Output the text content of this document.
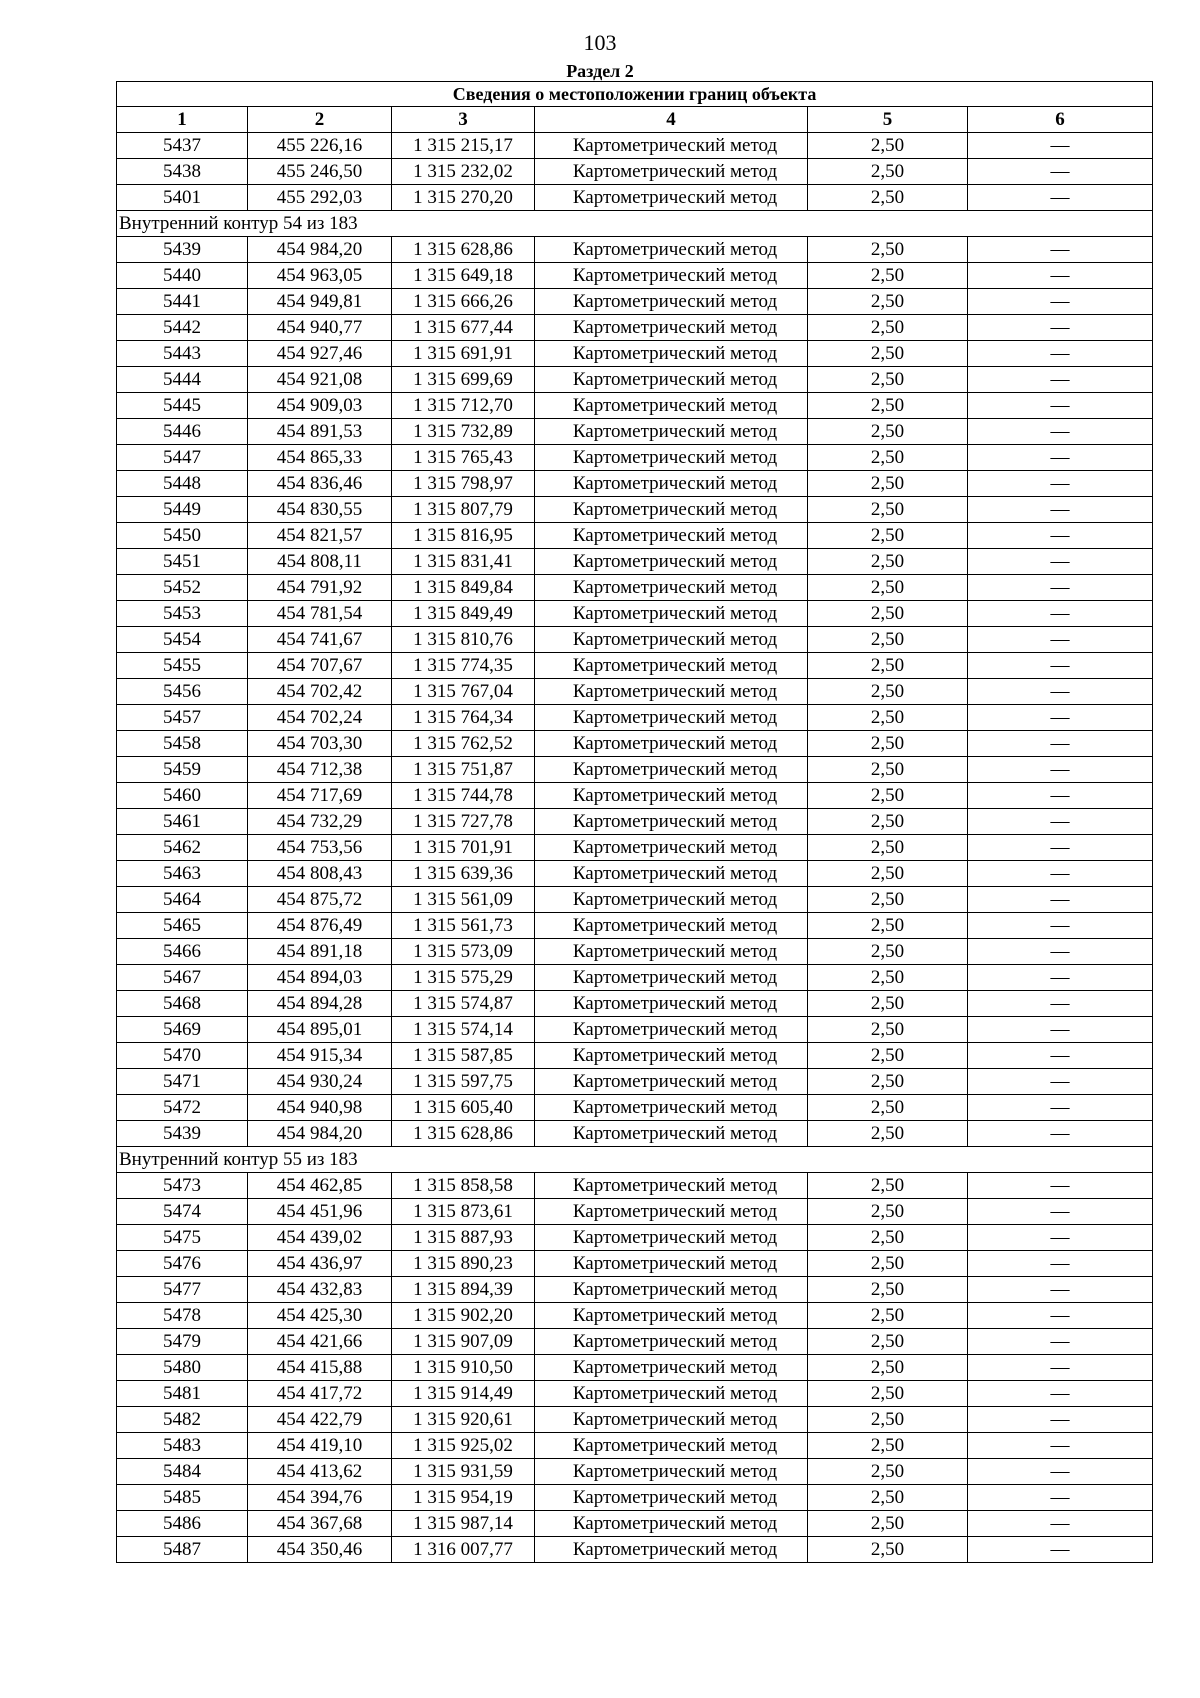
103
Раздел 2
Сведения о местоположении границ объекта					
1	2	3	4	5	6
5437	455 226,16	1 315 215,17	Картометрический метод	2,50	—
5438	455 246,50	1 315 232,02	Картометрический метод	2,50	—
5401	455 292,03	1 315 270,20	Картометрический метод	2,50	—
Внутренний контур 54 из 183					
5439	454 984,20	1 315 628,86	Картометрический метод	2,50	—
5440	454 963,05	1 315 649,18	Картометрический метод	2,50	—
5441	454 949,81	1 315 666,26	Картометрический метод	2,50	—
5442	454 940,77	1 315 677,44	Картометрический метод	2,50	—
5443	454 927,46	1 315 691,91	Картометрический метод	2,50	—
5444	454 921,08	1 315 699,69	Картометрический метод	2,50	—
5445	454 909,03	1 315 712,70	Картометрический метод	2,50	—
5446	454 891,53	1 315 732,89	Картометрический метод	2,50	—
5447	454 865,33	1 315 765,43	Картометрический метод	2,50	—
5448	454 836,46	1 315 798,97	Картометрический метод	2,50	—
5449	454 830,55	1 315 807,79	Картометрический метод	2,50	—
5450	454 821,57	1 315 816,95	Картометрический метод	2,50	—
5451	454 808,11	1 315 831,41	Картометрический метод	2,50	—
5452	454 791,92	1 315 849,84	Картометрический метод	2,50	—
5453	454 781,54	1 315 849,49	Картометрический метод	2,50	—
5454	454 741,67	1 315 810,76	Картометрический метод	2,50	—
5455	454 707,67	1 315 774,35	Картометрический метод	2,50	—
5456	454 702,42	1 315 767,04	Картометрический метод	2,50	—
5457	454 702,24	1 315 764,34	Картометрический метод	2,50	—
5458	454 703,30	1 315 762,52	Картометрический метод	2,50	—
5459	454 712,38	1 315 751,87	Картометрический метод	2,50	—
5460	454 717,69	1 315 744,78	Картометрический метод	2,50	—
5461	454 732,29	1 315 727,78	Картометрический метод	2,50	—
5462	454 753,56	1 315 701,91	Картометрический метод	2,50	—
5463	454 808,43	1 315 639,36	Картометрический метод	2,50	—
5464	454 875,72	1 315 561,09	Картометрический метод	2,50	—
5465	454 876,49	1 315 561,73	Картометрический метод	2,50	—
5466	454 891,18	1 315 573,09	Картометрический метод	2,50	—
5467	454 894,03	1 315 575,29	Картометрический метод	2,50	—
5468	454 894,28	1 315 574,87	Картометрический метод	2,50	—
5469	454 895,01	1 315 574,14	Картометрический метод	2,50	—
5470	454 915,34	1 315 587,85	Картометрический метод	2,50	—
5471	454 930,24	1 315 597,75	Картометрический метод	2,50	—
5472	454 940,98	1 315 605,40	Картометрический метод	2,50	—
5439	454 984,20	1 315 628,86	Картометрический метод	2,50	—
Внутренний контур 55 из 183					
5473	454 462,85	1 315 858,58	Картометрический метод	2,50	—
5474	454 451,96	1 315 873,61	Картометрический метод	2,50	—
5475	454 439,02	1 315 887,93	Картометрический метод	2,50	—
5476	454 436,97	1 315 890,23	Картометрический метод	2,50	—
5477	454 432,83	1 315 894,39	Картометрический метод	2,50	—
5478	454 425,30	1 315 902,20	Картометрический метод	2,50	—
5479	454 421,66	1 315 907,09	Картометрический метод	2,50	—
5480	454 415,88	1 315 910,50	Картометрический метод	2,50	—
5481	454 417,72	1 315 914,49	Картометрический метод	2,50	—
5482	454 422,79	1 315 920,61	Картометрический метод	2,50	—
5483	454 419,10	1 315 925,02	Картометрический метод	2,50	—
5484	454 413,62	1 315 931,59	Картометрический метод	2,50	—
5485	454 394,76	1 315 954,19	Картометрический метод	2,50	—
5486	454 367,68	1 315 987,14	Картометрический метод	2,50	—
5487	454 350,46	1 316 007,77	Картометрический метод	2,50	—
